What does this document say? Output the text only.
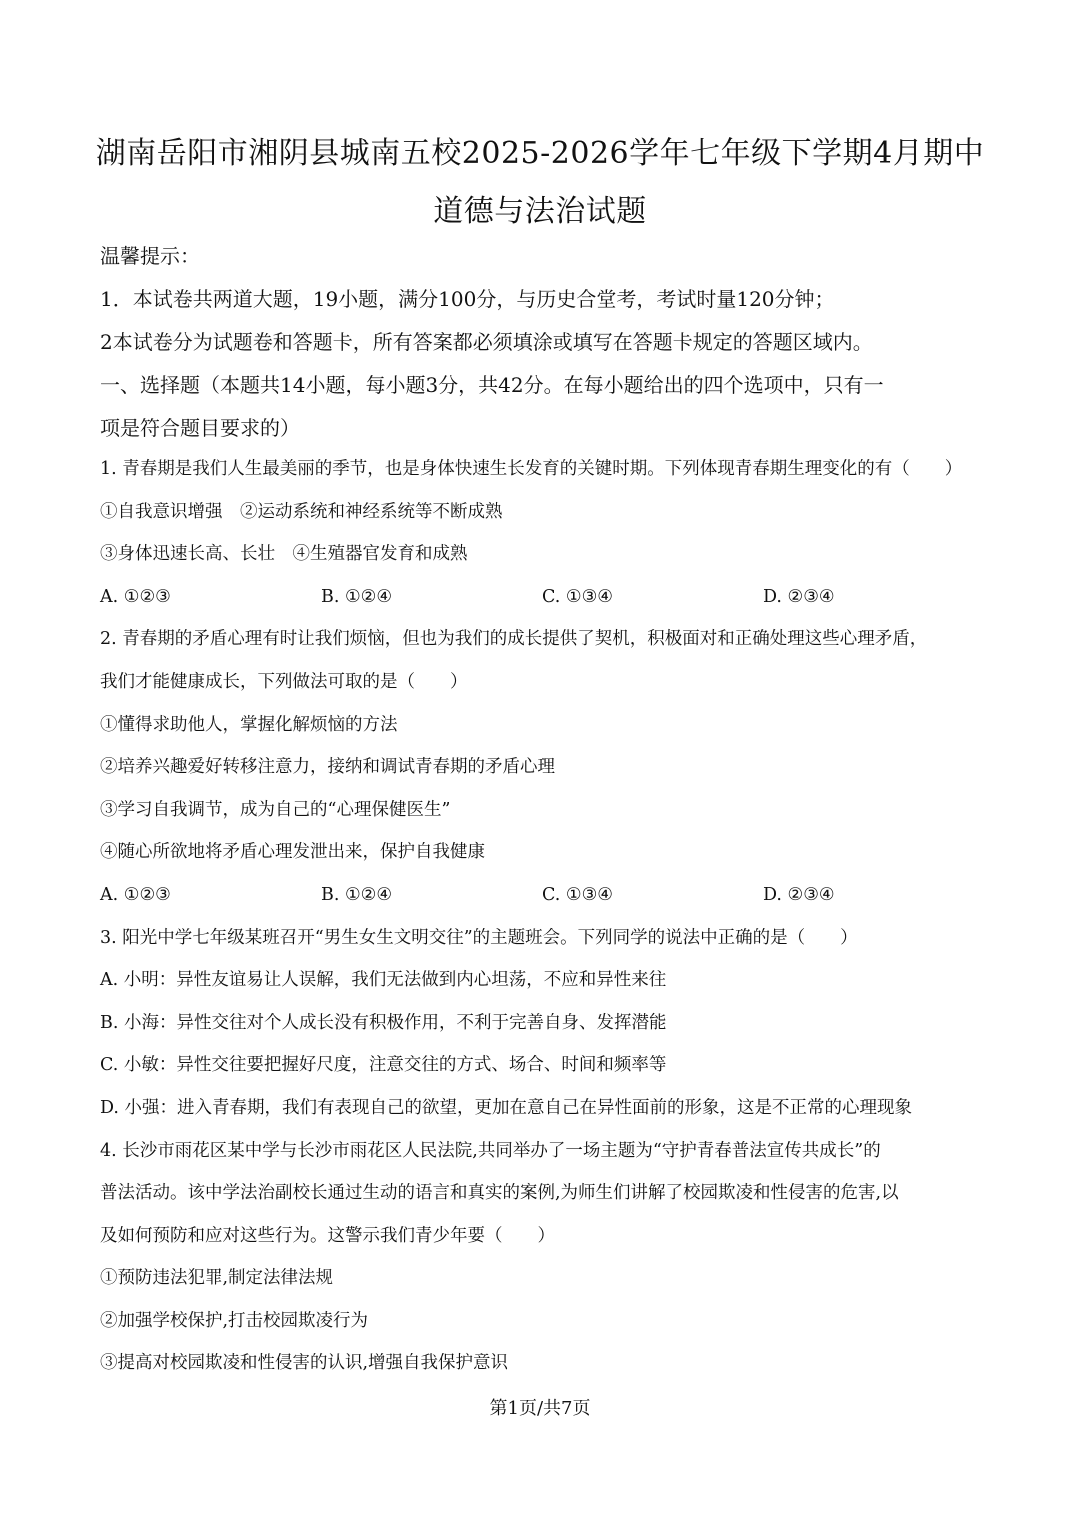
湖南岳阳市湘阴县城南五校2025-2026学年七年级下学期4月期中
道德与法治试题
温馨提示：
1．本试卷共两道大题，19小题，满分100分，与历史合堂考，考试时量120分钟；
2本试卷分为试题卷和答题卡，所有答案都必须填涂或填写在答题卡规定的答题区域内。
一、选择题（本题共14小题，每小题3分，共42分。在每小题给出的四个选项中，只有一
项是符合题目要求的）
1. 青春期是我们人生最美丽的季节，也是身体快速生长发育的关键时期。下列体现青春期生理变化的有（　　）
①自我意识增强　②运动系统和神经系统等不断成熟
③身体迅速长高、长壮　④生殖器官发育和成熟
A. ①②③	B. ①②④	C. ①③④	D. ②③④
2. 青春期的矛盾心理有时让我们烦恼，但也为我们的成长提供了契机，积极面对和正确处理这些心理矛盾，
我们才能健康成长，下列做法可取的是（　　）
①懂得求助他人，掌握化解烦恼的方法
②培养兴趣爱好转移注意力，接纳和调试青春期的矛盾心理
③学习自我调节，成为自己的“心理保健医生”
④随心所欲地将矛盾心理发泄出来，保护自我健康
A. ①②③	B. ①②④	C. ①③④	D. ②③④
3. 阳光中学七年级某班召开“男生女生文明交往”的主题班会。下列同学的说法中正确的是（　　）
A. 小明：异性友谊易让人误解，我们无法做到内心坦荡，不应和异性来往
B. 小海：异性交往对个人成长没有积极作用，不利于完善自身、发挥潜能
C. 小敏：异性交往要把握好尺度，注意交往的方式、场合、时间和频率等
D. 小强：进入青春期，我们有表现自己的欲望，更加在意自己在异性面前的形象，这是不正常的心理现象
4. 长沙市雨花区某中学与长沙市雨花区人民法院,共同举办了一场主题为“守护青春普法宣传共成长”的
普法活动。该中学法治副校长通过生动的语言和真实的案例,为师生们讲解了校园欺凌和性侵害的危害,以
及如何预防和应对这些行为。这警示我们青少年要（　　）
①预防违法犯罪,制定法律法规
②加强学校保护,打击校园欺凌行为
③提高对校园欺凌和性侵害的认识,增强自我保护意识
第1页/共7页
